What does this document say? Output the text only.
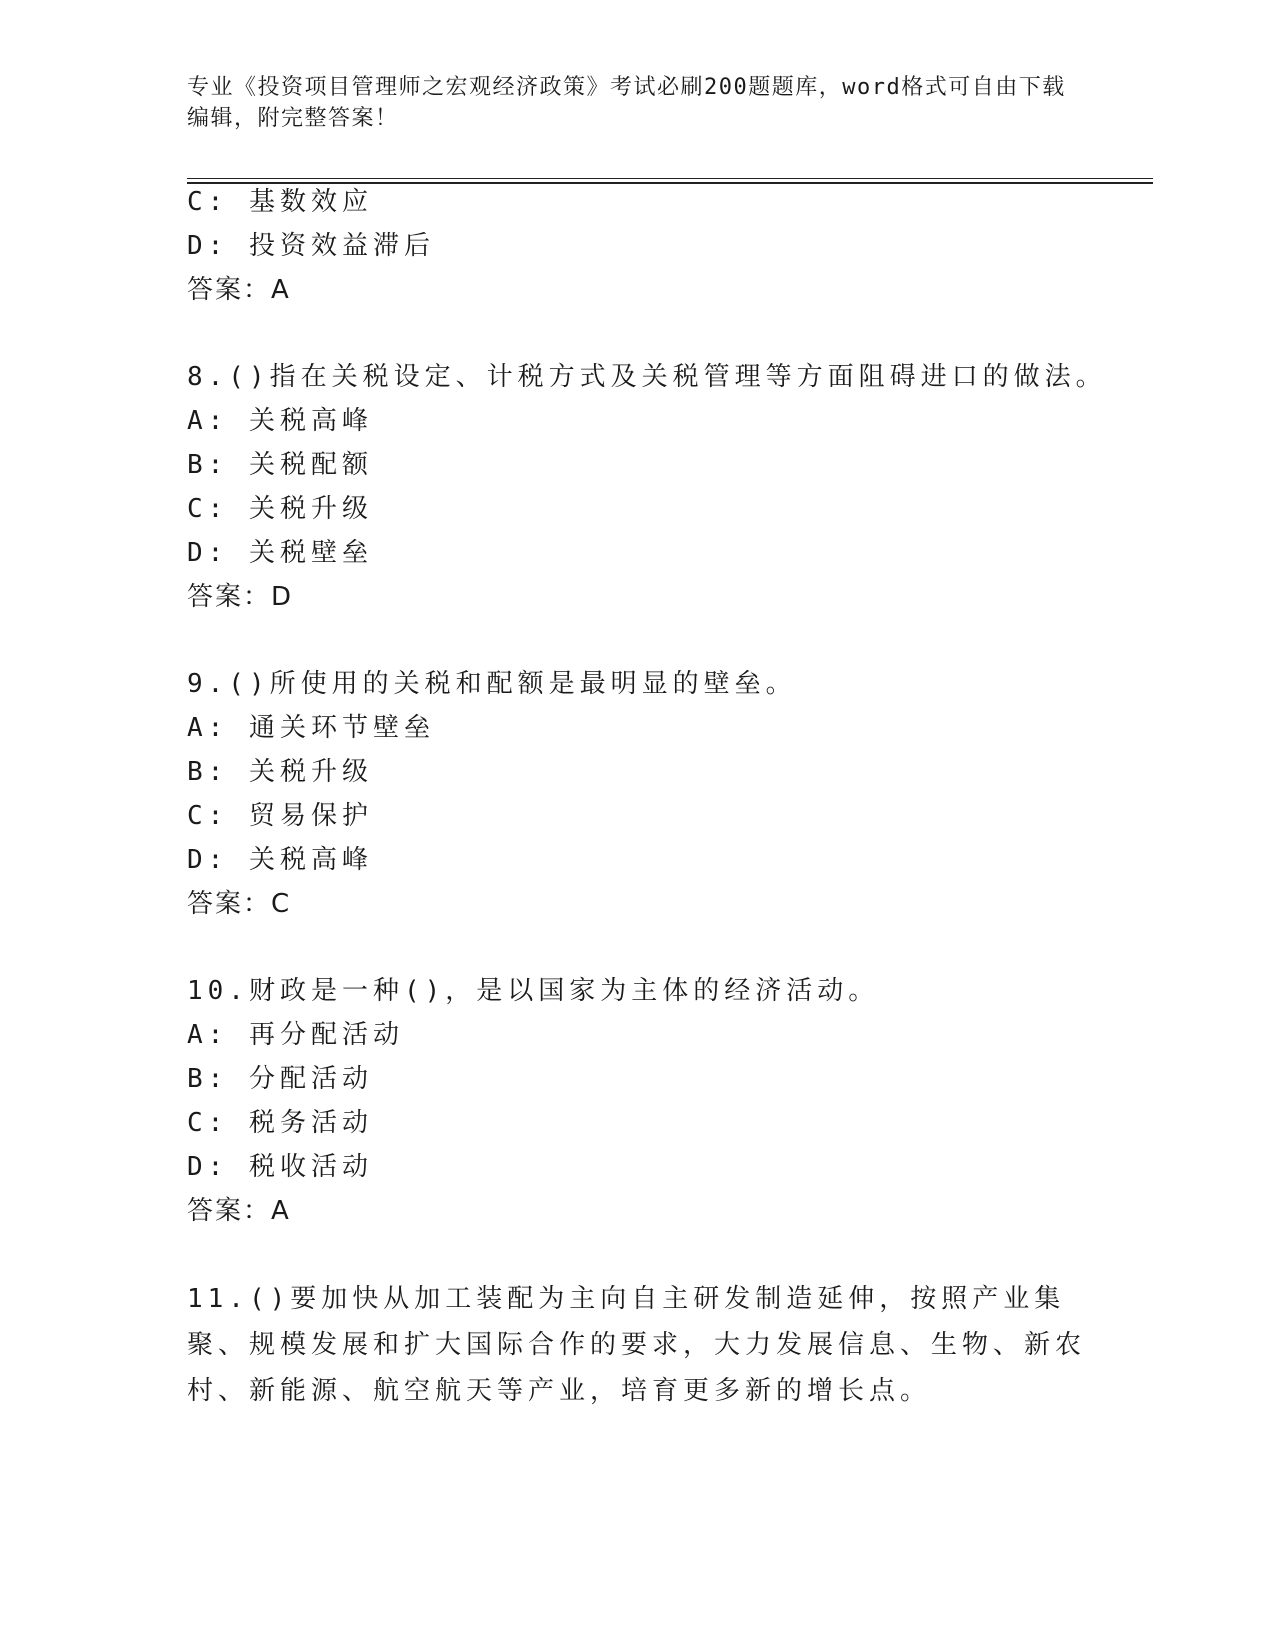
专业《投资项目管理师之宏观经济政策》考试必刷200题题库，word格式可自由下载编辑，附完整答案！
C: 基数效应
D: 投资效益滞后
答案：A
8.()指在关税设定、计税方式及关税管理等方面阻碍进口的做法。
A: 关税高峰
B: 关税配额
C: 关税升级
D: 关税壁垒
答案：D
9.()所使用的关税和配额是最明显的壁垒。
A: 通关环节壁垒
B: 关税升级
C: 贸易保护
D: 关税高峰
答案：C
10.财政是一种()，是以国家为主体的经济活动。
A: 再分配活动
B: 分配活动
C: 税务活动
D: 税收活动
答案：A
11.()要加快从加工装配为主向自主研发制造延伸，按照产业集聚、规模发展和扩大国际合作的要求，大力发展信息、生物、新农村、新能源、航空航天等产业，培育更多新的增长点。
